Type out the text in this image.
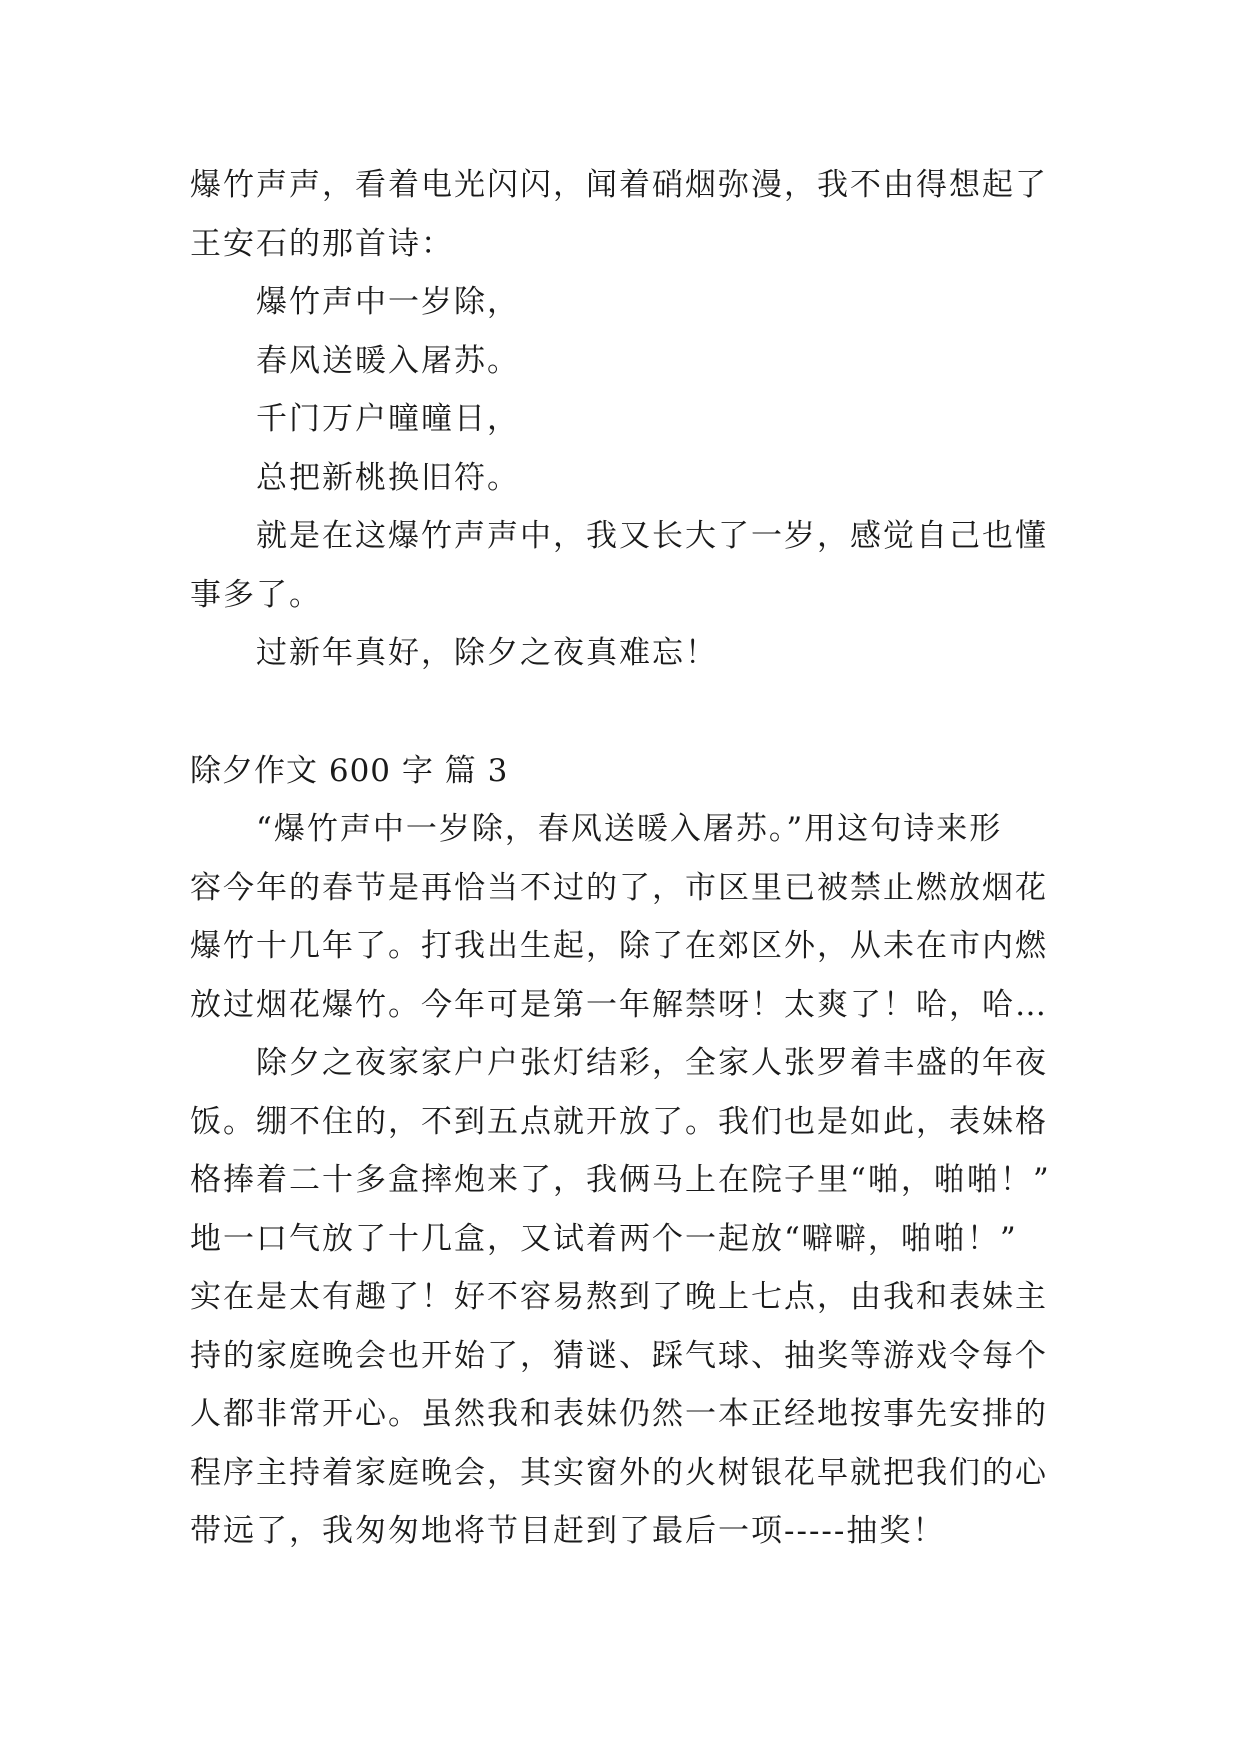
爆竹声声，看着电光闪闪，闻着硝烟弥漫，我不由得想起了
王安石的那首诗：
爆竹声中一岁除，
春风送暖入屠苏。
千门万户曈曈日，
总把新桃换旧符。
就是在这爆竹声声中，我又长大了一岁，感觉自己也懂
事多了。
过新年真好，除夕之夜真难忘！
除夕作文 600 字 篇 3
“爆竹声中一岁除，春风送暖入屠苏。”用这句诗来形
容今年的春节是再恰当不过的了，市区里已被禁止燃放烟花
爆竹十几年了。打我出生起，除了在郊区外，从未在市内燃
放过烟花爆竹。今年可是第一年解禁呀！太爽了！哈，哈…
除夕之夜家家户户张灯结彩，全家人张罗着丰盛的年夜
饭。绷不住的，不到五点就开放了。我们也是如此，表妹格
格捧着二十多盒摔炮来了，我俩马上在院子里“啪，啪啪！”
地一口气放了十几盒，又试着两个一起放“噼噼，啪啪！”
实在是太有趣了！好不容易熬到了晚上七点，由我和表妹主
持的家庭晚会也开始了，猜谜、踩气球、抽奖等游戏令每个
人都非常开心。虽然我和表妹仍然一本正经地按事先安排的
程序主持着家庭晚会，其实窗外的火树银花早就把我们的心
带远了，我匆匆地将节目赶到了最后一项-----抽奖！
